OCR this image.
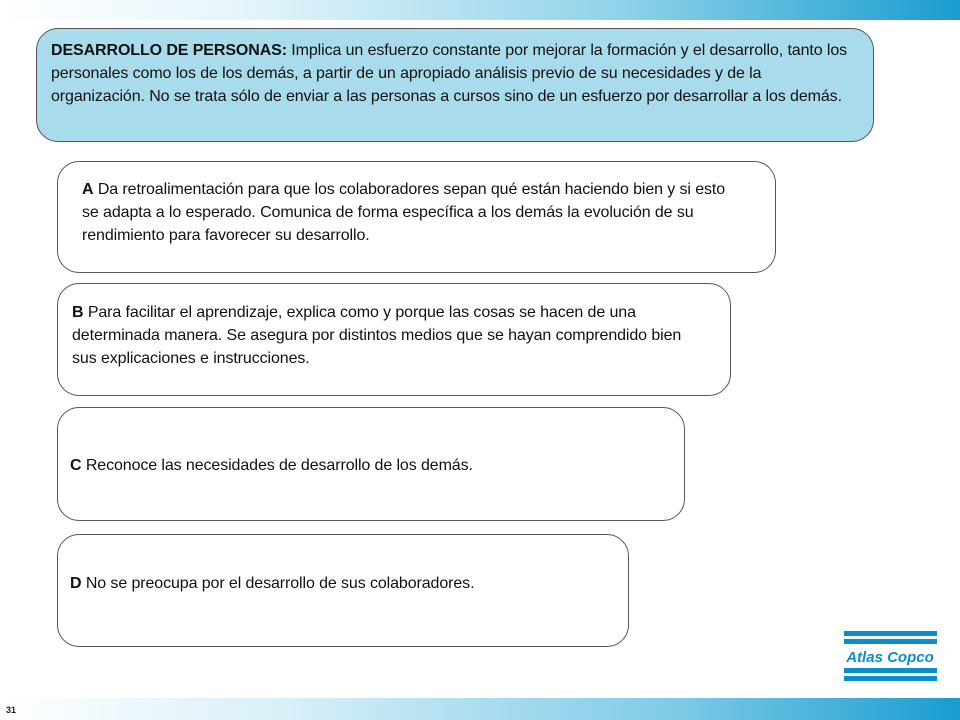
DESARROLLO DE PERSONAS: Implica un esfuerzo constante por mejorar la formación y el desarrollo, tanto los personales como los de los demás, a partir de un apropiado análisis previo de su necesidades y de la organización. No se trata sólo de enviar a las personas a cursos sino de un esfuerzo por desarrollar a los demás.
A Da retroalimentación para que los colaboradores sepan qué están haciendo bien y si esto se adapta a lo esperado. Comunica de forma específica a los demás la evolución de su rendimiento para favorecer su desarrollo.
B Para facilitar el aprendizaje, explica como y porque las cosas se hacen de una determinada manera. Se asegura por distintos medios que se hayan comprendido bien sus explicaciones e instrucciones.
C Reconoce las necesidades de desarrollo de los demás.
D No se preocupa por el desarrollo de sus colaboradores.
Atlas Copco
31
